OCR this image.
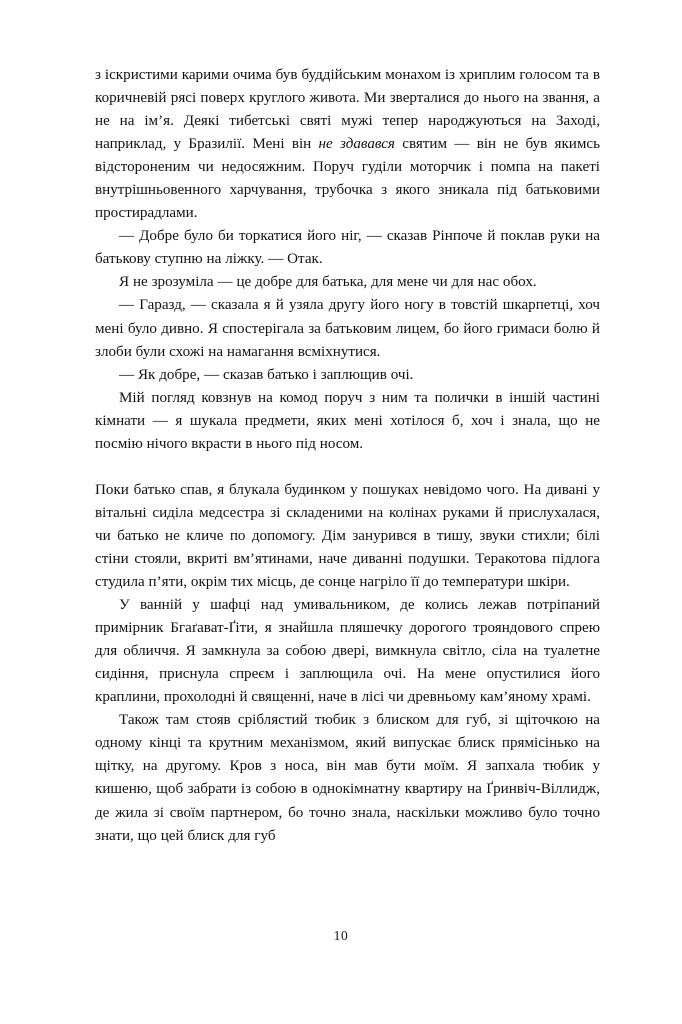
з іскристими карими очима був буддійським монахом із хриплим голосом та в коричневій рясі поверх круглого живота. Ми зверталися до нього на звання, а не на ім’я. Деякі тибетські святі мужі тепер народжуються на Заході, наприклад, у Бразилії. Мені він не здавався святим — він не був якимсь відстороненим чи недосяжним. Поруч гуділи моторчик і помпа на пакеті внутрішньовенного харчування, трубочка з якого зникала під батьковими простирадлами.

— Добре було би торкатися його ніг, — сказав Рінпоче й поклав руки на батькову ступню на ліжку. — Отак.

Я не зрозуміла — це добре для батька, для мене чи для нас обох.

— Гаразд, — сказала я й узяла другу його ногу в товстій шкарпетці, хоч мені було дивно. Я спостерігала за батьковим лицем, бо його гримаси болю й злоби були схожі на намагання всміхнутися.

— Як добре, — сказав батько і заплющив очі.

Мій погляд ковзнув на комод поруч з ним та полички в іншій частині кімнати — я шукала предмети, яких мені хотілося б, хоч і знала, що не посмію нічого вкрасти в нього під носом.

Поки батько спав, я блукала будинком у пошуках невідомо чого. На дивані у вітальні сиділа медсестра зі складеними на колінах руками й прислухалася, чи батько не кличе по допомогу. Дім занурився в тишу, звуки стихли; білі стіни стояли, вкриті вм’ятинами, наче диванні подушки. Теракотова підлога студила п’яти, окрім тих місць, де сонце нагріло її до температури шкіри.

У ванній у шафці над умивальником, де колись лежав потріпаний примірник Бгаґават-Ґіти, я знайшла пляшечку дорогого трояндового спрею для обличчя. Я замкнула за собою двері, вимкнула світло, сіла на туалетне сидіння, приснула спреєм і заплющила очі. На мене опустилися його краплини, прохолодні й священні, наче в лісі чи древньому кам’яному храмі.

Також там стояв сріблястий тюбик з блиском для губ, зі щіточкою на одному кінці та крутним механізмом, який випускає блиск прямісінько на щітку, на другому. Кров з носа, він мав бути моїм. Я запхала тюбик у кишеню, щоб забрати із собою в однокімнатну квартиру на Ґринвіч-Віллидж, де жила зі своїм партнером, бо точно знала, наскільки можливо було точно знати, що цей блиск для губ

10
